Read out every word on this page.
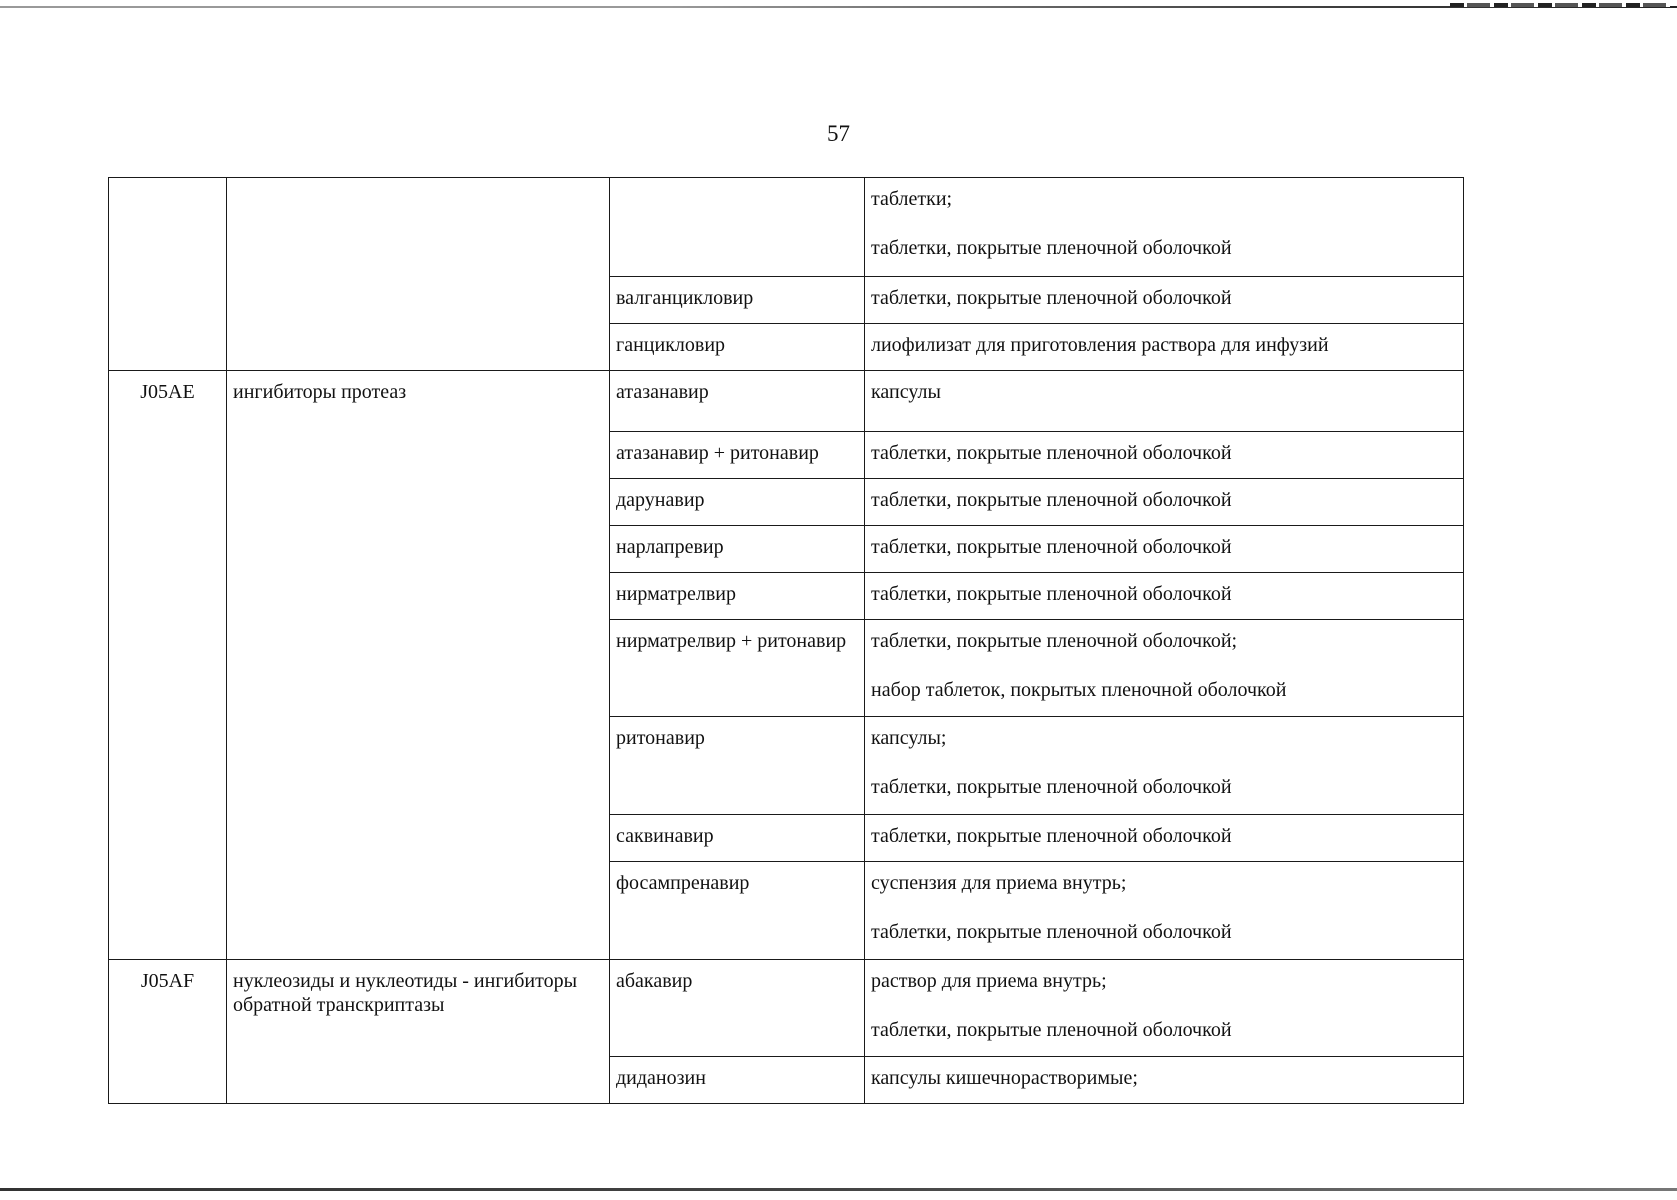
57

			таблетки;
таблетки, покрытые пленочной оболочкой

		валганцикловир	таблетки, покрытые пленочной оболочкой

		ганцикловир	лиофилизат для приготовления раствора для инфузий

J05AE	ингибиторы протеаз	атазанавир	капсулы

		атазанавир + ритонавир	таблетки, покрытые пленочной оболочкой

		дарунавир	таблетки, покрытые пленочной оболочкой

		нарлапревир	таблетки, покрытые пленочной оболочкой

		нирматрелвир	таблетки, покрытые пленочной оболочкой

		нирматрелвир + ритонавир	таблетки, покрытые пленочной оболочкой;
набор таблеток, покрытых пленочной оболочкой

		ритонавир	капсулы;
таблетки, покрытые пленочной оболочкой

		саквинавир	таблетки, покрытые пленочной оболочкой

		фосампренавир	суспензия для приема внутрь;
таблетки, покрытые пленочной оболочкой

J05AF	нуклеозиды и нуклеотиды - ингибиторы обратной транскриптазы	абакавир	раствор для приема внутрь;
таблетки, покрытые пленочной оболочкой

		диданозин	капсулы кишечнорастворимые;
